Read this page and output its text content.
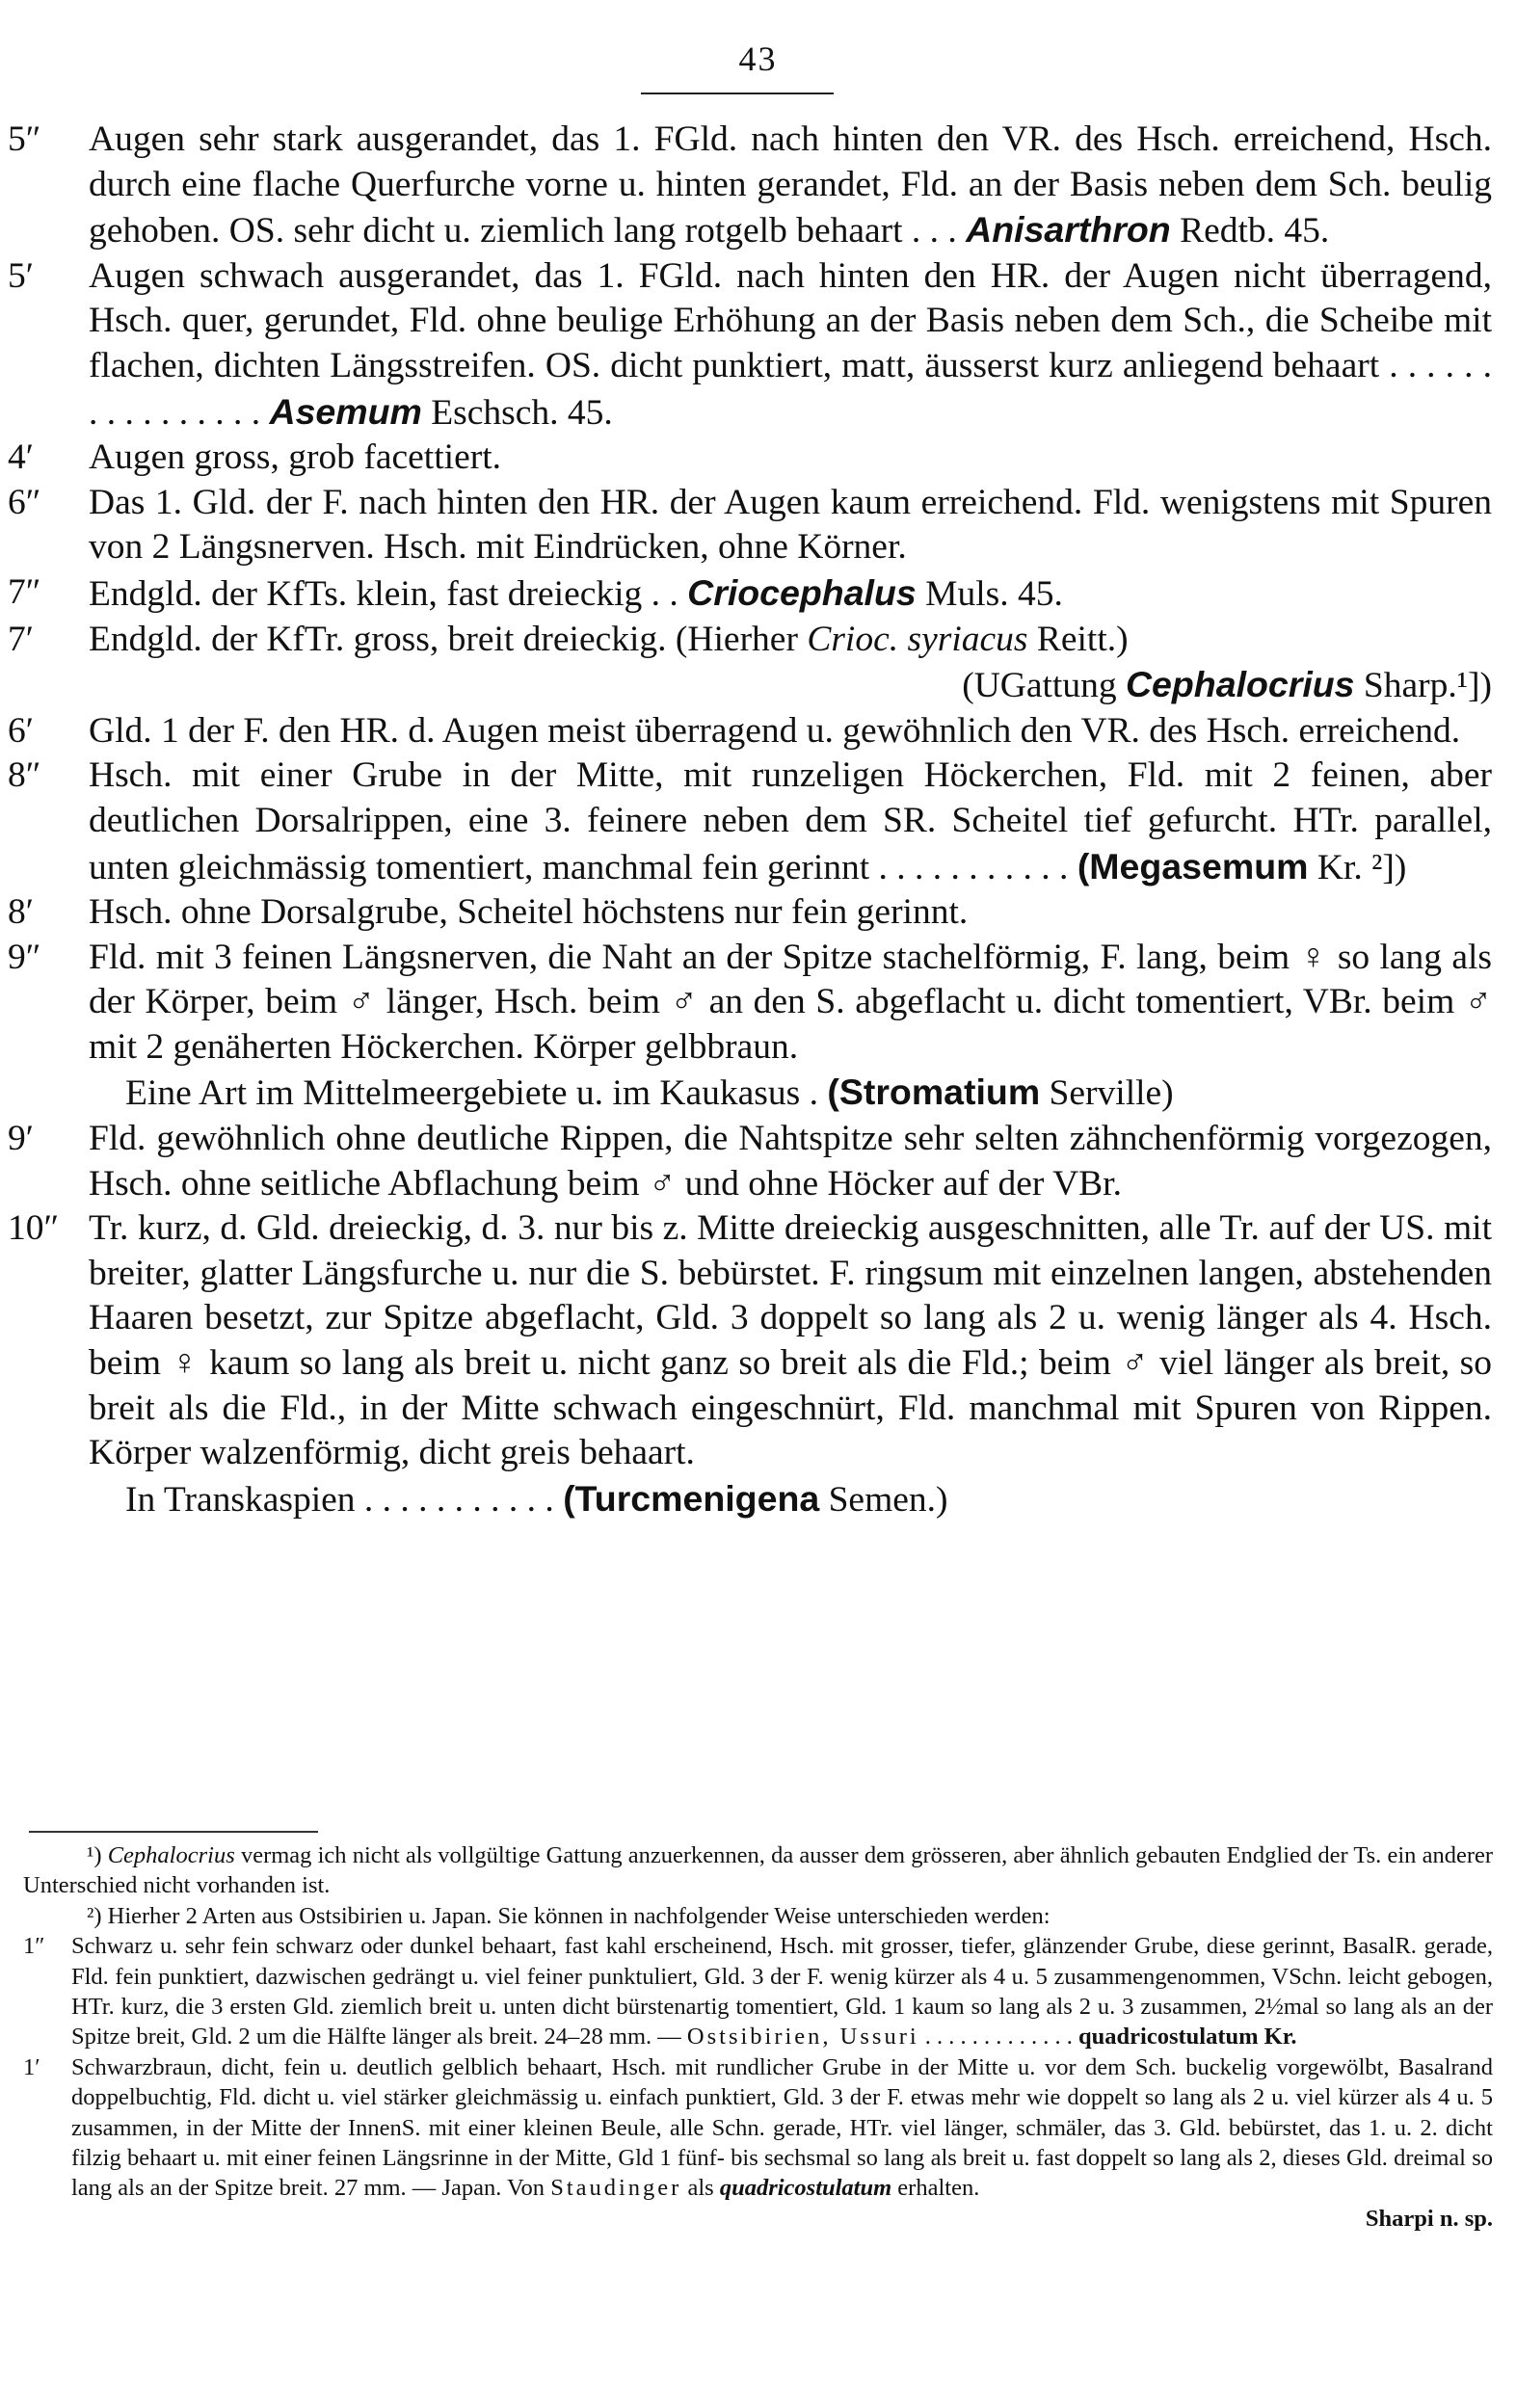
43
5″	Augen sehr stark ausgerandet, das 1. FGld. nach hinten den VR. des Hsch. erreichend, Hsch. durch eine flache Querfurche vorne u. hinten gerandet, Fld. an der Basis neben dem Sch. beulig gehoben. OS. sehr dicht u. ziemlich lang rotgelb behaart . . . Anisarthron Redtb. 45.
5′	Augen schwach ausgerandet, das 1. FGld. nach hinten den HR. der Augen nicht überragend, Hsch. quer, gerundet, Fld. ohne beulige Erhöhung an der Basis neben dem Sch., die Scheibe mit flachen, dichten Längsstreifen. OS. dicht punktiert, matt, äusserst kurz anliegend behaart . . . . . . . . . . . . . . . . Asemum Eschsch. 45.
4′	Augen gross, grob facettiert.
6″	Das 1. Gld. der F. nach hinten den HR. der Augen kaum erreichend. Fld. wenigstens mit Spuren von 2 Längsnerven. Hsch. mit Eindrücken, ohne Körner.
7″	Endgld. der KfTs. klein, fast dreieckig . . Criocephalus Muls. 45.
7′	Endgld. der KfTr. gross, breit dreieckig. (Hierher Crioc. syriacus Reitt.)
(UGattung Cephalocrius Sharp.¹])
6′	Gld. 1 der F. den HR. d. Augen meist überragend u. gewöhnlich den VR. des Hsch. erreichend.
8″	Hsch. mit einer Grube in der Mitte, mit runzeligen Höckerchen, Fld. mit 2 feinen, aber deutlichen Dorsalrippen, eine 3. feinere neben dem SR. Scheitel tief gefurcht. HTr. parallel, unten gleichmässig tomentiert, manchmal fein gerinnt . . . . . . . . . . . (Megasemum Kr. ²])
8′	Hsch. ohne Dorsalgrube, Scheitel höchstens nur fein gerinnt.
9″	Fld. mit 3 feinen Längsnerven, die Naht an der Spitze stachelförmig, F. lang, beim ♀ so lang als der Körper, beim ♂ länger, Hsch. beim ♂ an den S. abgeflacht u. dicht tomentiert, VBr. beim ♂ mit 2 genäherten Höckerchen. Körper gelbbraun.
Eine Art im Mittelmeergebiete u. im Kaukasus . (Stromatium Serville)
9′	Fld. gewöhnlich ohne deutliche Rippen, die Nahtspitze sehr selten zähnchenförmig vorgezogen, Hsch. ohne seitliche Abflachung beim ♂ und ohne Höcker auf der VBr.
10″ Tr. kurz, d. Gld. dreieckig, d. 3. nur bis z. Mitte dreieckig ausgeschnitten, alle Tr. auf der US. mit breiter, glatter Längsfurche u. nur die S. bebürstet. F. ringsum mit einzelnen langen, abstehenden Haaren besetzt, zur Spitze abgeflacht, Gld. 3 doppelt so lang als 2 u. wenig länger als 4. Hsch. beim ♀ kaum so lang als breit u. nicht ganz so breit als die Fld.; beim ♂ viel länger als breit, so breit als die Fld., in der Mitte schwach eingeschnürt, Fld. manchmal mit Spuren von Rippen. Körper walzenförmig, dicht greis behaart.
In Transkaspien . . . . . . . . . . . (Turcmenigena Semen.)
¹) Cephalocrius vermag ich nicht als vollgültige Gattung anzuerkennen, da ausser dem grösseren, aber ähnlich gebauten Endglied der Ts. ein anderer Unterschied nicht vorhanden ist.
²) Hierher 2 Arten aus Ostsibirien u. Japan. Sie können in nachfolgender Weise unterschieden werden:
1″	Schwarz u. sehr fein schwarz oder dunkel behaart, fast kahl erscheinend, Hsch. mit grosser, tiefer, glänzender Grube, diese gerinnt, BasalR. gerade, Fld. fein punktiert, dazwischen gedrängt u. viel feiner punktuliert, Gld. 3 der F. wenig kürzer als 4 u. 5 zusammengenommen, VSchn. leicht gebogen, HTr. kurz, die 3 ersten Gld. ziemlich breit u. unten dicht bürstenartig tomentiert, Gld. 1 kaum so lang als 2 u. 3 zusammen, 2½mal so lang als an der Spitze breit, Gld. 2 um die Hälfte länger als breit. 24–28 mm. — Ostsibirien, Ussuri . . . . . . . . . . . . . quadricostulatum Kr.
1′	Schwarzbraun, dicht, fein u. deutlich gelblich behaart, Hsch. mit rundlicher Grube in der Mitte u. vor dem Sch. buckelig vorgewölbt, Basalrand doppelbuchtig, Fld. dicht u. viel stärker gleichmässig u. einfach punktiert, Gld. 3 der F. etwas mehr wie doppelt so lang als 2 u. viel kürzer als 4 u. 5 zusammen, in der Mitte der InnenS. mit einer kleinen Beule, alle Schn. gerade, HTr. viel länger, schmäler, das 3. Gld. bebürstet, das 1. u. 2. dicht filzig behaart u. mit einer feinen Längsrinne in der Mitte, Gld 1 fünf- bis sechsmal so lang als breit u. fast doppelt so lang als 2, dieses Gld. dreimal so lang als an der Spitze breit. 27 mm. — Japan. Von Staudinger als quadricostulatum erhalten.
Sharpi n. sp.
